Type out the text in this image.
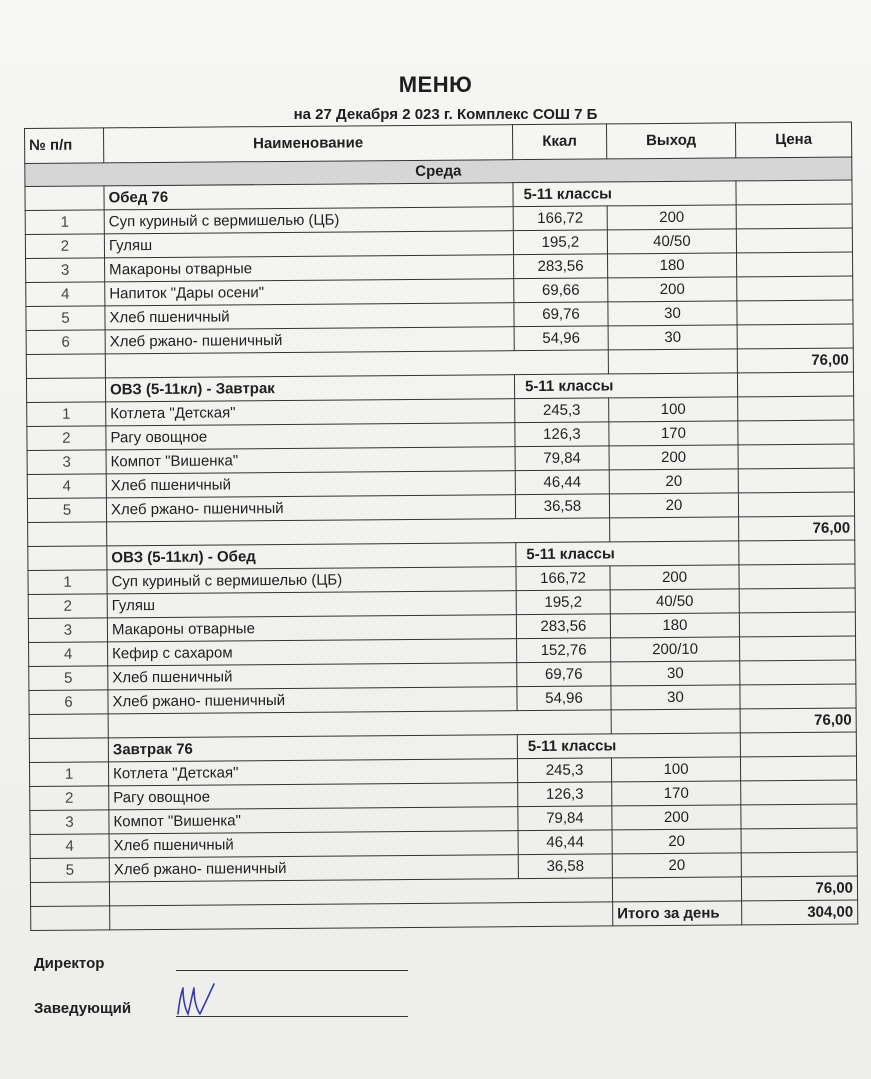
МЕНЮ
на 27 Декабря 2 023 г. Комплекс СОШ 7 Б
№ п/п	Наименование	Ккал	Выход	Цена
Среда				
	Обед 76	5-11 классы		
1	Суп куриный с вермишелью (ЦБ)	166,72	200	
2	Гуляш	195,2	40/50	
3	Макароны отварные	283,56	180	
4	Напиток "Дары осени"	69,66	200	
5	Хлеб пшеничный	69,76	30	
6	Хлеб ржано- пшеничный	54,96	30	
				76,00
	ОВЗ (5-11кл) - Завтрак	5-11 классы		
1	Котлета "Детская"	245,3	100	
2	Рагу овощное	126,3	170	
3	Компот "Вишенка"	79,84	200	
4	Хлеб пшеничный	46,44	20	
5	Хлеб ржано- пшеничный	36,58	20	
				76,00
	ОВЗ (5-11кл) - Обед	5-11 классы		
1	Суп куриный с вермишелью (ЦБ)	166,72	200	
2	Гуляш	195,2	40/50	
3	Макароны отварные	283,56	180	
4	Кефир с сахаром	152,76	200/10	
5	Хлеб пшеничный	69,76	30	
6	Хлеб ржано- пшеничный	54,96	30	
				76,00
	Завтрак 76	5-11 классы		
1	Котлета "Детская"	245,3	100	
2	Рагу овощное	126,3	170	
3	Компот "Вишенка"	79,84	200	
4	Хлеб пшеничный	46,44	20	
5	Хлеб ржано- пшеничный	36,58	20	
				76,00
			Итого за день	304,00
Директор
Заведующий
